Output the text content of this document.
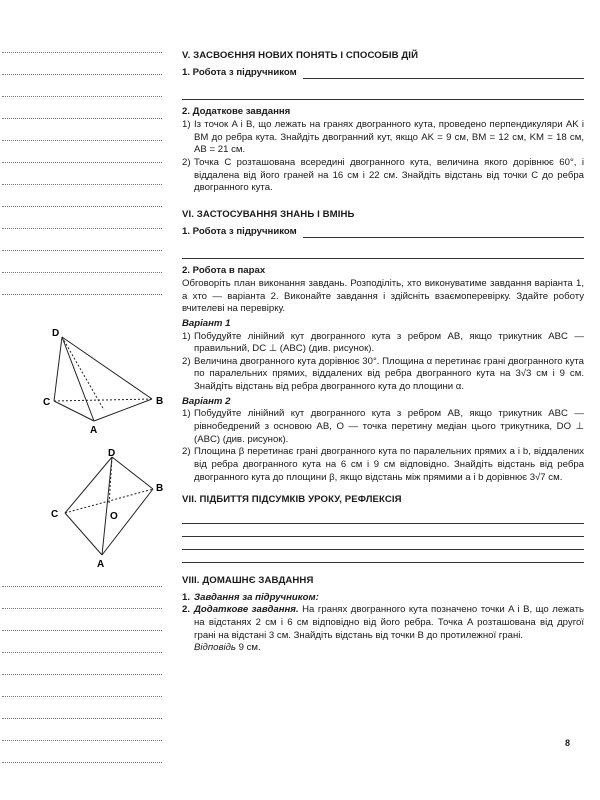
D
C	B
A
D
B
C	O
A
V. ЗАСВОЄННЯ НОВИХ ПОНЯТЬ І СПОСОБІВ ДІЙ
1. Робота з підручником
2. Додаткове завдання
1) Із точок A і B, що лежать на гранях двогранного кута, проведено перпендикуляри AK і BM до ребра кута. Знайдіть двогранний кут, якщо AK = 9 см, BM = 12 см, KM = 18 см, AB = 21 см.
2) Точка C розташована всередині двогранного кута, величина якого дорівнює 60°, і віддалена від його граней на 16 см і 22 см. Знайдіть відстань від точки C до ребра двогранного кута.
VI. ЗАСТОСУВАННЯ ЗНАНЬ І ВМІНЬ
1. Робота з підручником
2. Робота в парах

Обговоріть план виконання завдань. Розподіліть, хто виконуватиме завдання варіанта 1, а хто — варіанта 2. Виконайте завдання і здійсніть взаємоперевірку. Здайте роботу вчителеві на перевірку.

Варіант 1
1) Побудуйте лінійний кут двогранного кута з ребром AB, якщо трикутник ABC — правильний, DC ⊥ (ABC) (див. рисунок).
2) Величина двогранного кута дорівнює 30°. Площина α перетинає грані двогранного кута по паралельних прямих, віддалених від ребра двогранного кута на 3√3 см і 9 см. Знайдіть відстань від ребра двогранного кута до площини α.
Варіант 2
1) Побудуйте лінійний кут двогранного кута з ребром AB, якщо трикутник ABC — рівнобедрений з основою AB, O — точка перетину медіан цього трикутника, DO ⊥ (ABC) (див. рисунок).
2) Площина β перетинає грані двогранного кута по паралельних прямих a і b, віддалених від ребра двогранного кута на 6 см і 9 см відповідно. Знайдіть відстань від ребра двогранного кута до площини β, якщо відстань між прямими a і b дорівнює 3√7 см.
VII. ПІДБИТТЯ ПІДСУМКІВ УРОКУ, РЕФЛЕКСІЯ
VIII. ДОМАШНЄ ЗАВДАННЯ
1. Завдання за підручником:
2. Додаткове завдання. На гранях двогранного кута позначено точки A і B, що лежать на відстанях 2 см і 6 см відповідно від його ребра. Точка A розташована від другої грані на відстані 3 см. Знайдіть відстань від точки B до протилежної грані.
Відповідь 9 см.
8
